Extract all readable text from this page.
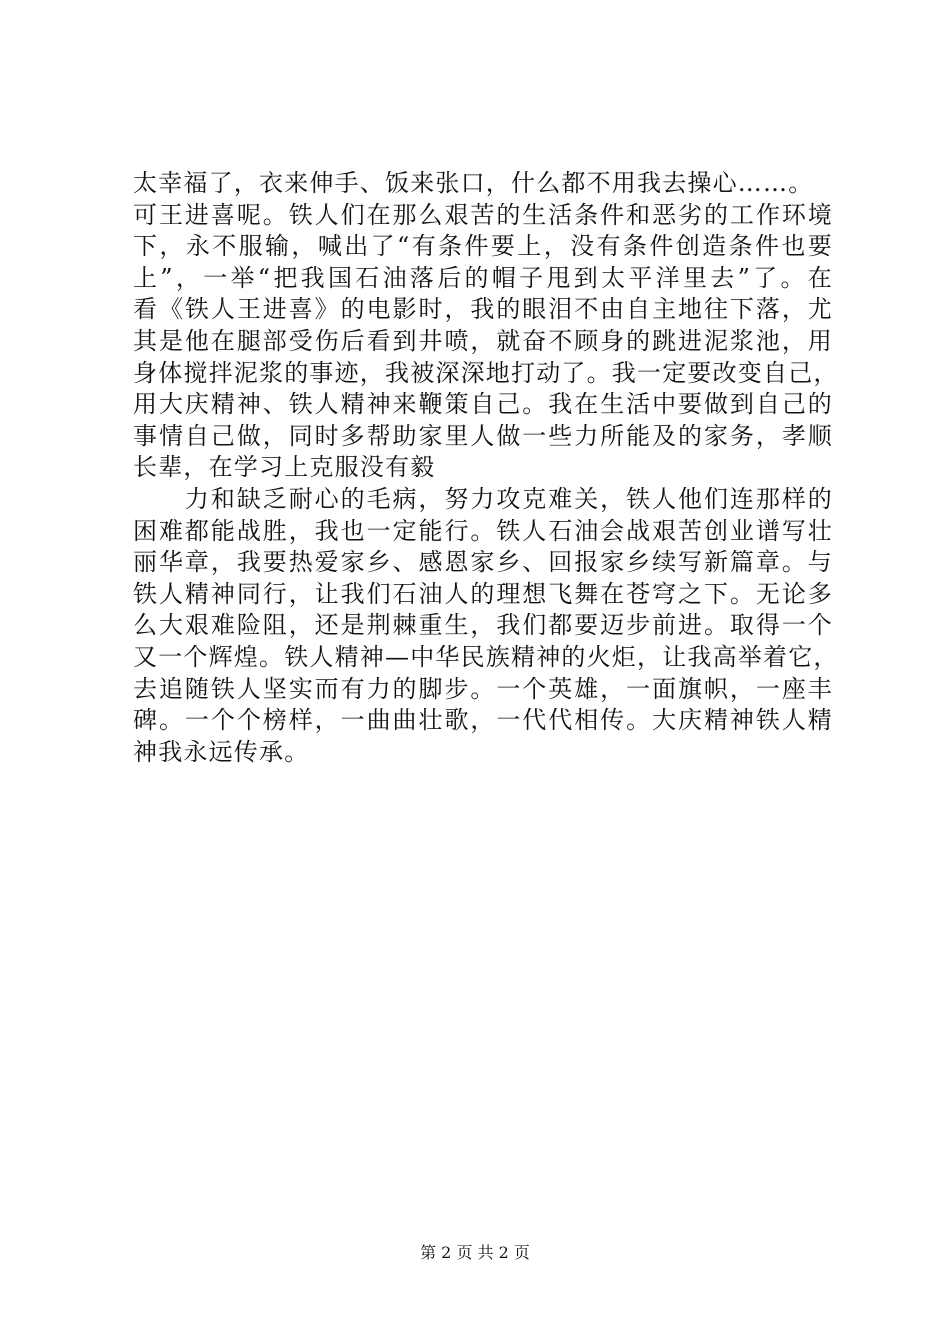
太幸福了，衣来伸手、饭来张口，什么都不用我去操心……。
可王进喜呢。铁人们在那么艰苦的生活条件和恶劣的工作环境
下，永不服输，喊出了“有条件要上，没有条件创造条件也要
上”，一举“把我国石油落后的帽子甩到太平洋里去”了。在
看《铁人王进喜》的电影时，我的眼泪不由自主地往下落，尤
其是他在腿部受伤后看到井喷，就奋不顾身的跳进泥浆池，用
身体搅拌泥浆的事迹，我被深深地打动了。我一定要改变自己，
用大庆精神、铁人精神来鞭策自己。我在生活中要做到自己的
事情自己做，同时多帮助家里人做一些力所能及的家务，孝顺
长辈，在学习上克服没有毅
　　力和缺乏耐心的毛病，努力攻克难关，铁人他们连那样的
困难都能战胜，我也一定能行。铁人石油会战艰苦创业谱写壮
丽华章，我要热爱家乡、感恩家乡、回报家乡续写新篇章。与
铁人精神同行，让我们石油人的理想飞舞在苍穹之下。无论多
么大艰难险阻，还是荆棘重生，我们都要迈步前进。取得一个
又一个辉煌。铁人精神—中华民族精神的火炬，让我高举着它，
去追随铁人坚实而有力的脚步。一个英雄，一面旗帜，一座丰
碑。一个个榜样，一曲曲壮歌，一代代相传。大庆精神铁人精
神我永远传承。
第 2 页 共 2 页
